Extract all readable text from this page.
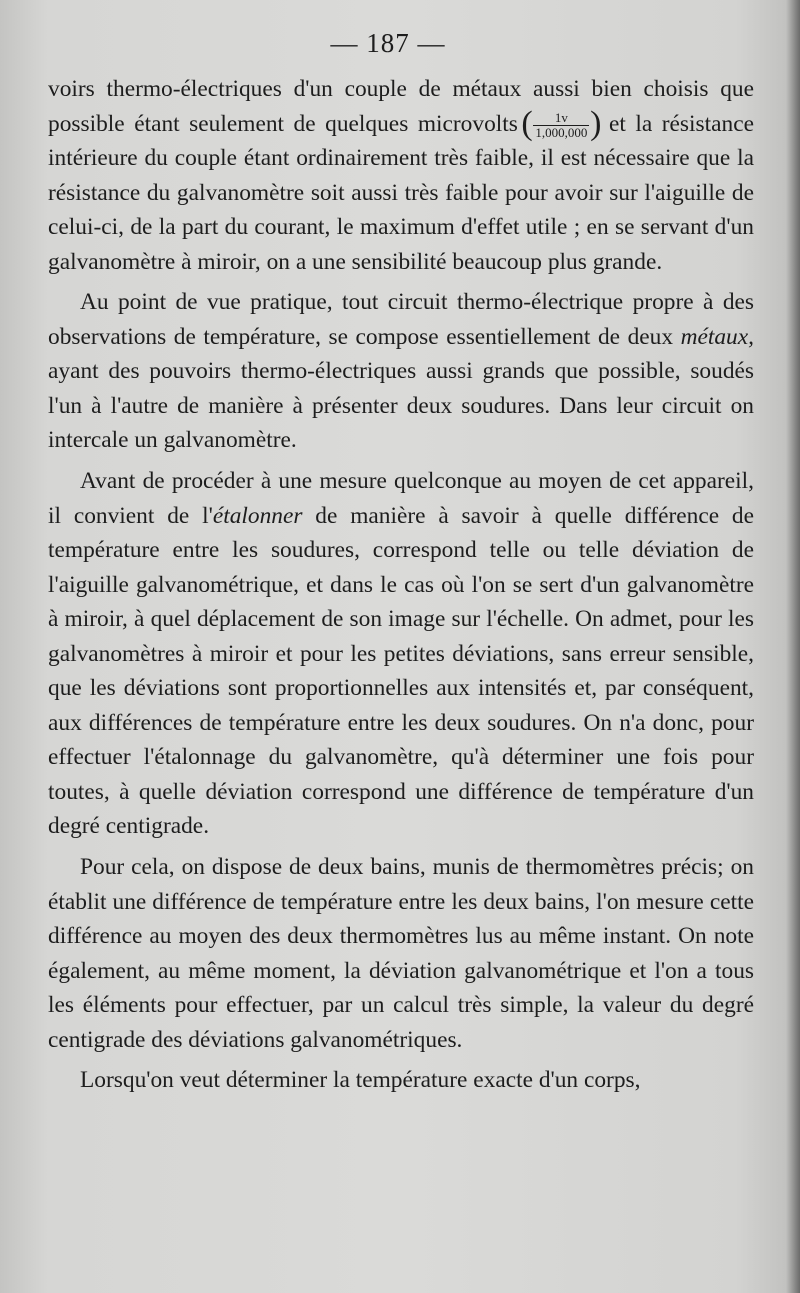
— 187 —

voirs thermo-électriques d'un couple de métaux aussi bien choisis que possible étant seulement de quelques microvolts
( $\frac{1v}{1,000,000}$
) et la résistance intérieure du couple étant ordinairement très faible, il est nécessaire que la résistance du galvanomètre soit aussi très faible pour avoir sur l'aiguille de celui-ci, de la part du courant, le maximum d'effet utile ; en se servant d'un galvanomètre à miroir, on a une sensibilité beaucoup plus grande.

Au point de vue pratique, tout circuit thermo-électrique propre à des observations de température, se compose essentiellement de deux métaux, ayant des pouvoirs thermo-électriques aussi grands que possible, soudés l'un à l'autre de manière à présenter deux soudures. Dans leur circuit on intercale un galvanomètre.

Avant de procéder à une mesure quelconque au moyen de cet appareil, il convient de l'étalonner de manière à savoir à quelle différence de température entre les soudures, correspond telle ou telle déviation de l'aiguille galvanométrique, et dans le cas où l'on se sert d'un galvanomètre à miroir, à quel déplacement de son image sur l'échelle. On admet, pour les galvanomètres à miroir et pour les petites déviations, sans erreur sensible, que les déviations sont proportionnelles aux intensités et, par conséquent, aux différences de température entre les deux soudures. On n'a donc, pour effectuer l'étalonnage du galvanomètre, qu'à déterminer une fois pour toutes, à quelle déviation correspond une différence de température d'un degré centigrade.

Pour cela, on dispose de deux bains, munis de thermomètres précis; on établit une différence de température entre les deux bains, l'on mesure cette différence au moyen des deux thermomètres lus au même instant. On note également, au même moment, la déviation galvanométrique et l'on a tous les éléments pour effectuer, par un calcul très simple, la valeur du degré centigrade des déviations galvanométriques.

Lorsqu'on veut déterminer la température exacte d'un corps,
